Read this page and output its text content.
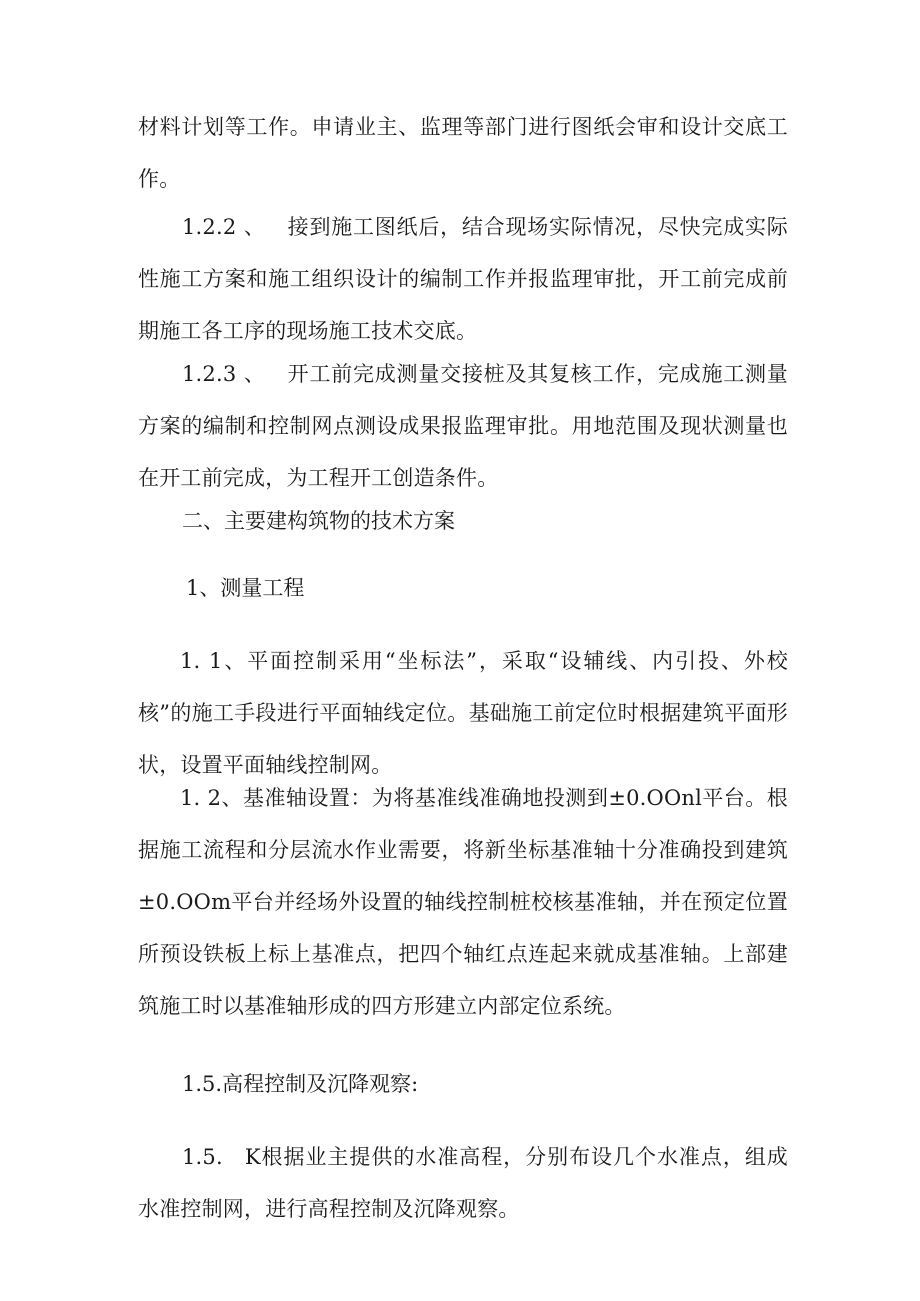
材料计划等工作。申请业主、监理等部门进行图纸会审和设计交底工作。

1.2.2 、 接到施工图纸后，结合现场实际情况，尽快完成实际性施工方案和施工组织设计的编制工作并报监理审批，开工前完成前期施工各工序的现场施工技术交底。

1.2.3 、 开工前完成测量交接桩及其复核工作，完成施工测量方案的编制和控制网点测设成果报监理审批。用地范围及现状测量也在开工前完成，为工程开工创造条件。

二、主要建构筑物的技术方案

1、测量工程

1. 1、平面控制采用“坐标法”，采取“设辅线、内引投、外校核”的施工手段进行平面轴线定位。基础施工前定位时根据建筑平面形状，设置平面轴线控制网。

1. 2、基准轴设置：为将基准线准确地投测到±0.OOnl平台。根据施工流程和分层流水作业需要，将新坐标基准轴十分准确投到建筑±0.OOm平台并经场外设置的轴线控制桩校核基准轴，并在预定位置所预设铁板上标上基准点，把四个轴红点连起来就成基准轴。上部建筑施工时以基准轴形成的四方形建立内部定位系统。

1.5.高程控制及沉降观察:

1.5. K根据业主提供的水准高程，分别布设几个水准点，组成水准控制网，进行高程控制及沉降观察。
